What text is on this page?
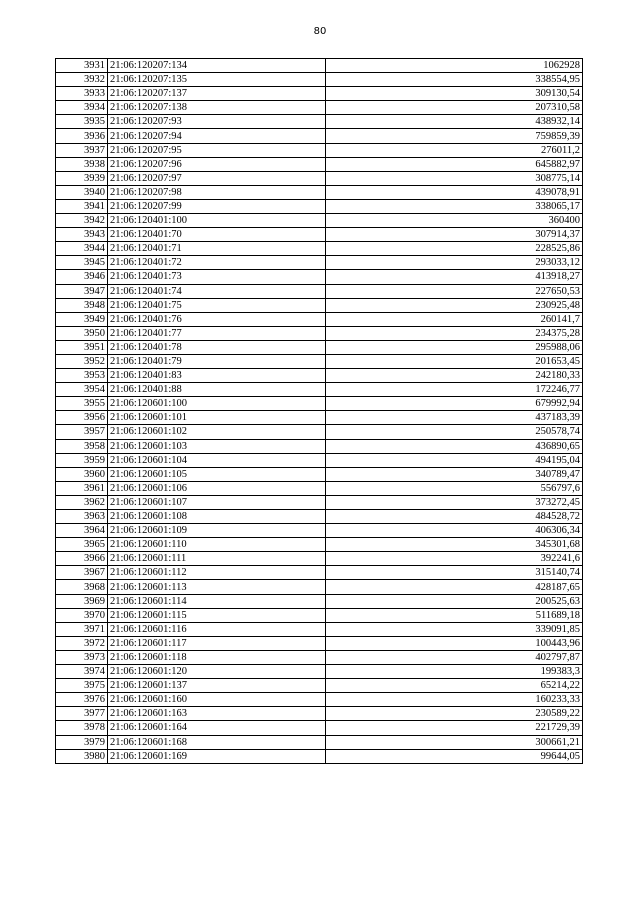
80
3931	21:06:120207:134	1062928
3932	21:06:120207:135	338554,95
3933	21:06:120207:137	309130,54
3934	21:06:120207:138	207310,58
3935	21:06:120207:93	438932,14
3936	21:06:120207:94	759859,39
3937	21:06:120207:95	276011,2
3938	21:06:120207:96	645882,97
3939	21:06:120207:97	308775,14
3940	21:06:120207:98	439078,91
3941	21:06:120207:99	338065,17
3942	21:06:120401:100	360400
3943	21:06:120401:70	307914,37
3944	21:06:120401:71	228525,86
3945	21:06:120401:72	293033,12
3946	21:06:120401:73	413918,27
3947	21:06:120401:74	227650,53
3948	21:06:120401:75	230925,48
3949	21:06:120401:76	260141,7
3950	21:06:120401:77	234375,28
3951	21:06:120401:78	295988,06
3952	21:06:120401:79	201653,45
3953	21:06:120401:83	242180,33
3954	21:06:120401:88	172246,77
3955	21:06:120601:100	679992,94
3956	21:06:120601:101	437183,39
3957	21:06:120601:102	250578,74
3958	21:06:120601:103	436890,65
3959	21:06:120601:104	494195,04
3960	21:06:120601:105	340789,47
3961	21:06:120601:106	556797,6
3962	21:06:120601:107	373272,45
3963	21:06:120601:108	484528,72
3964	21:06:120601:109	406306,34
3965	21:06:120601:110	345301,68
3966	21:06:120601:111	392241,6
3967	21:06:120601:112	315140,74
3968	21:06:120601:113	428187,65
3969	21:06:120601:114	200525,63
3970	21:06:120601:115	511689,18
3971	21:06:120601:116	339091,85
3972	21:06:120601:117	100443,96
3973	21:06:120601:118	402797,87
3974	21:06:120601:120	199383,3
3975	21:06:120601:137	65214,22
3976	21:06:120601:160	160233,33
3977	21:06:120601:163	230589,22
3978	21:06:120601:164	221729,39
3979	21:06:120601:168	300661,21
3980	21:06:120601:169	99644,05
